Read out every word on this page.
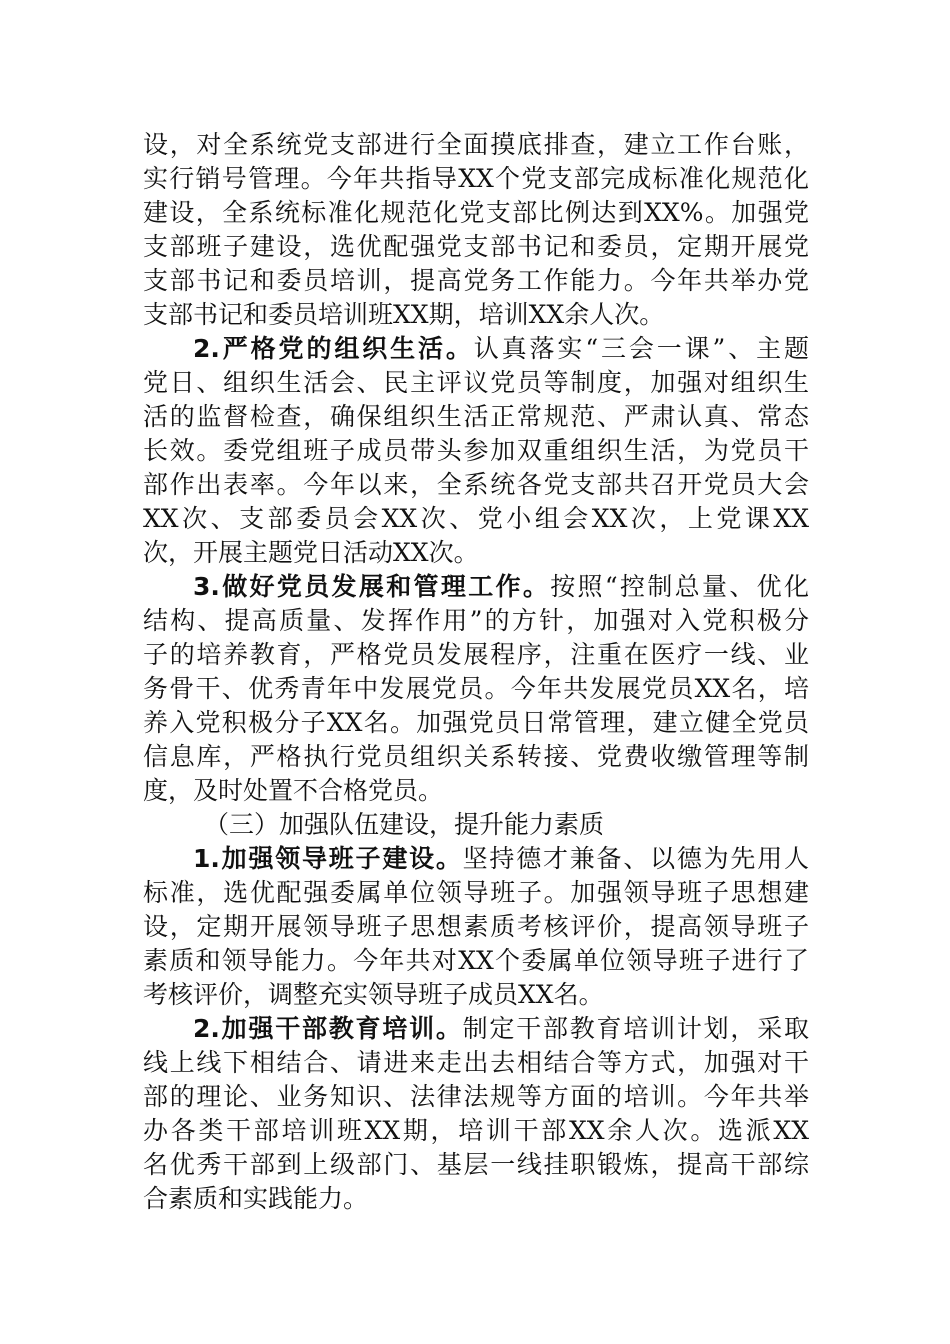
设，对全系统党支部进行全面摸底排查，建立工作台账，
实行销号管理。今年共指导XX个党支部完成标准化规范化
建设，全系统标准化规范化党支部比例达到XX%。加强党
支部班子建设，选优配强党支部书记和委员，定期开展党
支部书记和委员培训，提高党务工作能力。今年共举办党
支部书记和委员培训班XX期，培训XX余人次。
2.严格党的组织生活。认真落实“三会一课”、主题
党日、组织生活会、民主评议党员等制度，加强对组织生
活的监督检查，确保组织生活正常规范、严肃认真、常态
长效。委党组班子成员带头参加双重组织生活，为党员干
部作出表率。今年以来，全系统各党支部共召开党员大会
XX次、支部委员会XX次、党小组会XX次，上党课XX
次，开展主题党日活动XX次。
3.做好党员发展和管理工作。按照“控制总量、优化
结构、提高质量、发挥作用”的方针，加强对入党积极分
子的培养教育，严格党员发展程序，注重在医疗一线、业
务骨干、优秀青年中发展党员。今年共发展党员XX名，培
养入党积极分子XX名。加强党员日常管理，建立健全党员
信息库，严格执行党员组织关系转接、党费收缴管理等制
度，及时处置不合格党员。
（三）加强队伍建设，提升能力素质
1.加强领导班子建设。坚持德才兼备、以德为先用人
标准，选优配强委属单位领导班子。加强领导班子思想建
设，定期开展领导班子思想素质考核评价，提高领导班子
素质和领导能力。今年共对XX个委属单位领导班子进行了
考核评价，调整充实领导班子成员XX名。
2.加强干部教育培训。制定干部教育培训计划，采取
线上线下相结合、请进来走出去相结合等方式，加强对干
部的理论、业务知识、法律法规等方面的培训。今年共举
办各类干部培训班XX期，培训干部XX余人次。选派XX
名优秀干部到上级部门、基层一线挂职锻炼，提高干部综
合素质和实践能力。
